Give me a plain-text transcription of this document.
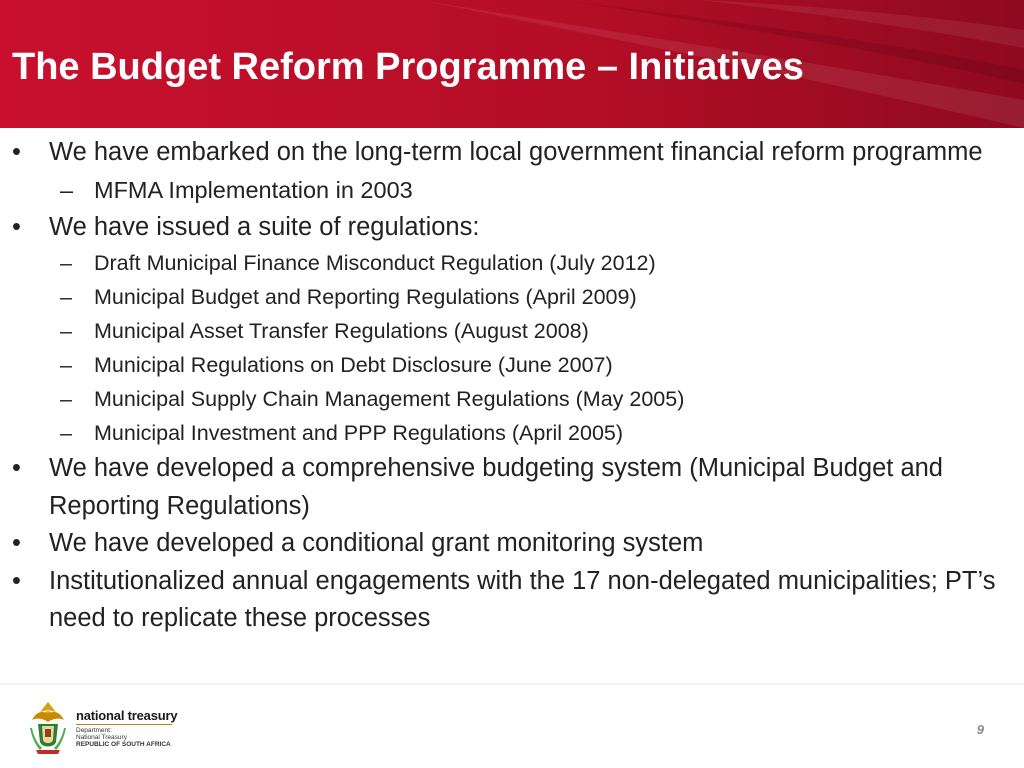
The Budget Reform Programme – Initiatives
• We have embarked on the long-term local government financial reform programme
– MFMA Implementation in 2003
• We have issued a suite of regulations:
– Draft Municipal Finance Misconduct Regulation (July 2012)
– Municipal Budget and Reporting Regulations (April 2009)
– Municipal Asset Transfer Regulations (August 2008)
– Municipal Regulations on Debt Disclosure (June 2007)
– Municipal Supply Chain Management Regulations (May 2005)
– Municipal Investment and PPP Regulations (April 2005)
• We have developed a comprehensive budgeting system (Municipal Budget and Reporting Regulations)
• We have developed a conditional grant monitoring system
• Institutionalized annual engagements with the 17 non-delegated municipalities; PT’s need to replicate these processes
national treasury
Department:
National Treasury
REPUBLIC OF SOUTH AFRICA
9
